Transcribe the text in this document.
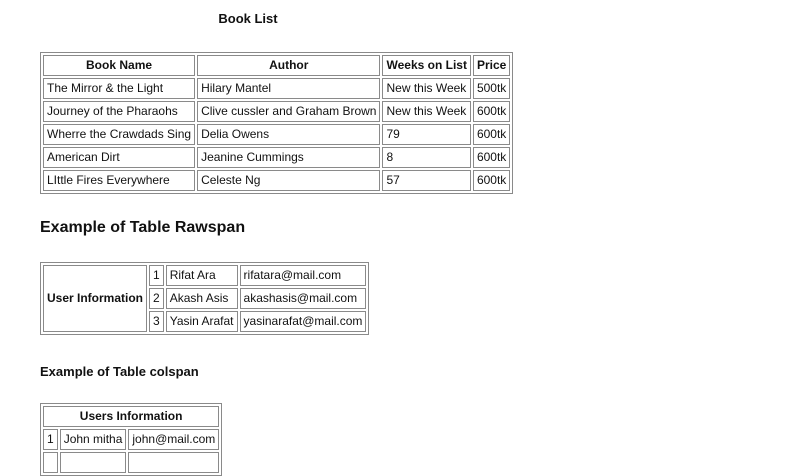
Book List
Book Name	Author	Weeks on List	Price
The Mirror & the Light	Hilary Mantel	New this Week	500tk
Journey of the Pharaohs	Clive cussler and Graham Brown	New this Week	600tk
Wherre the Crawdads Sing	Delia Owens	79	600tk
American Dirt	Jeanine Cummings	8	600tk
LIttle Fires Everywhere	Celeste Ng	57	600tk
Example of Table Rawspan
User Information	1	Rifat Ara	rifatara@mail.com
	2	Akash Asis	akashasis@mail.com
	3	Yasin Arafat	yasinarafat@mail.com
Example of Table colspan
Users Information		
1	John mitha	john@mail.com
